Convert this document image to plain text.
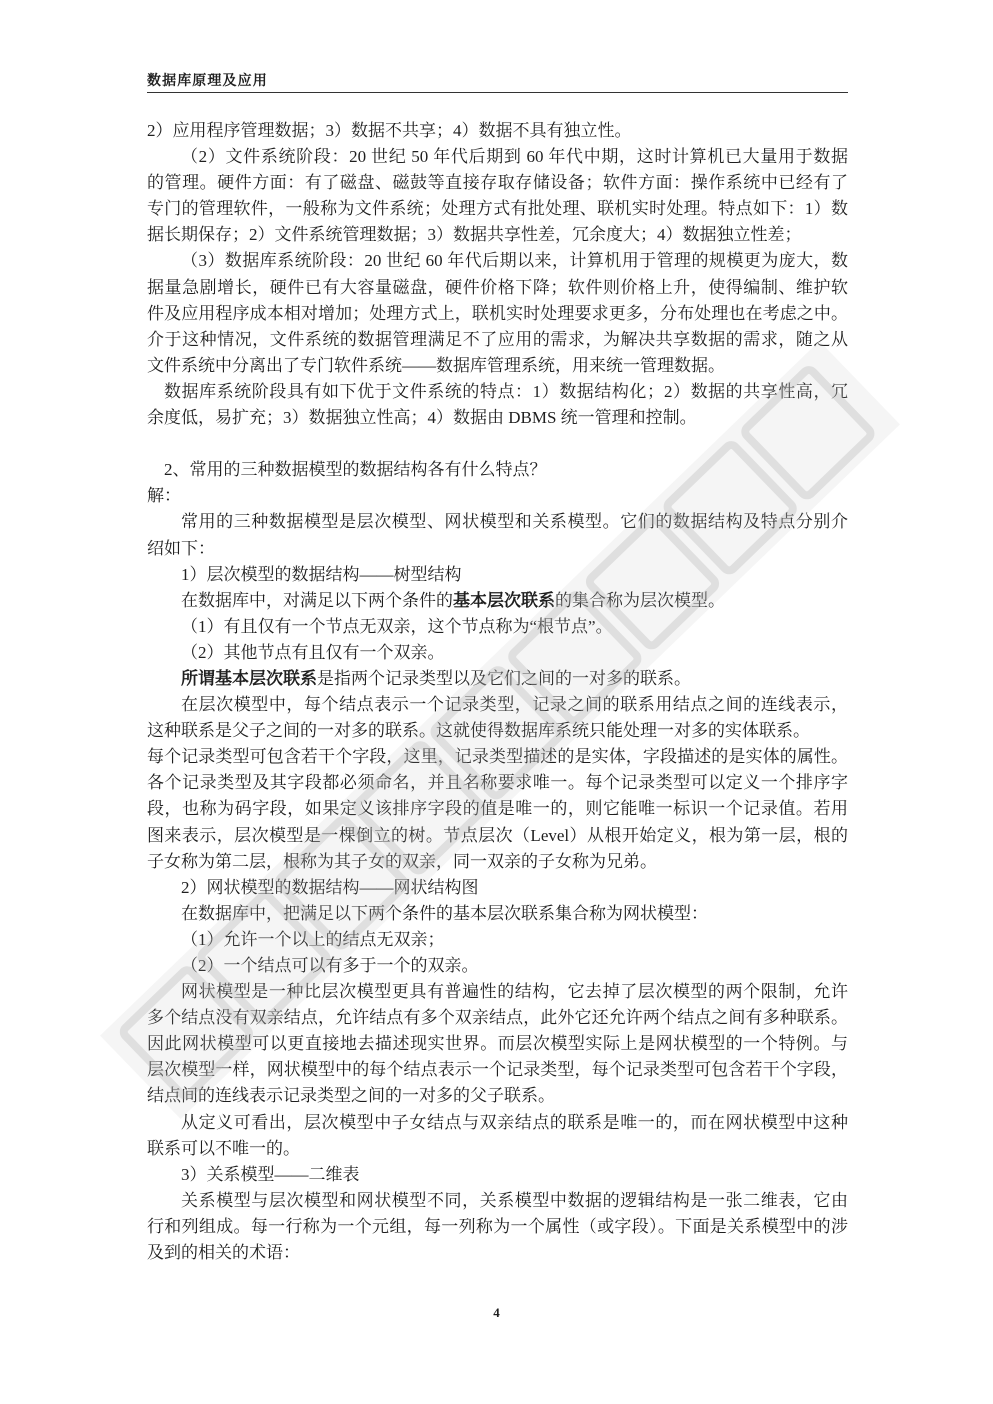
数据库原理及应用
2）应用程序管理数据；3）数据不共享；4）数据不具有独立性。
（2）文件系统阶段：20 世纪 50 年代后期到 60 年代中期，这时计算机已大量用于数据
的管理。硬件方面：有了磁盘、磁鼓等直接存取存储设备；软件方面：操作系统中已经有了
专门的管理软件，一般称为文件系统；处理方式有批处理、联机实时处理。特点如下：1）数
据长期保存；2）文件系统管理数据；3）数据共享性差，冗余度大；4）数据独立性差；
（3）数据库系统阶段：20 世纪 60 年代后期以来，计算机用于管理的规模更为庞大，数
据量急剧增长，硬件已有大容量磁盘，硬件价格下降；软件则价格上升，使得编制、维护软
件及应用程序成本相对增加；处理方式上，联机实时处理要求更多，分布处理也在考虑之中。
介于这种情况，文件系统的数据管理满足不了应用的需求，为解决共享数据的需求，随之从
文件系统中分离出了专门软件系统——数据库管理系统，用来统一管理数据。
数据库系统阶段具有如下优于文件系统的特点：1）数据结构化；2）数据的共享性高，冗
余度低，易扩充；3）数据独立性高；4）数据由 DBMS 统一管理和控制。
2、常用的三种数据模型的数据结构各有什么特点？
解：
常用的三种数据模型是层次模型、网状模型和关系模型。它们的数据结构及特点分别介
绍如下：
1）层次模型的数据结构——树型结构
在数据库中，对满足以下两个条件的基本层次联系的集合称为层次模型。
（1）有且仅有一个节点无双亲，这个节点称为“根节点”。
（2）其他节点有且仅有一个双亲。
所谓基本层次联系是指两个记录类型以及它们之间的一对多的联系。
在层次模型中，每个结点表示一个记录类型，记录之间的联系用结点之间的连线表示，
这种联系是父子之间的一对多的联系。这就使得数据库系统只能处理一对多的实体联系。
每个记录类型可包含若干个字段，这里，记录类型描述的是实体，字段描述的是实体的属性。
各个记录类型及其字段都必须命名，并且名称要求唯一。每个记录类型可以定义一个排序字
段，也称为码字段，如果定义该排序字段的值是唯一的，则它能唯一标识一个记录值。若用
图来表示，层次模型是一棵倒立的树。节点层次（Level）从根开始定义，根为第一层，根的
子女称为第二层，根称为其子女的双亲，同一双亲的子女称为兄弟。
2）网状模型的数据结构——网状结构图
在数据库中，把满足以下两个条件的基本层次联系集合称为网状模型：
（1）允许一个以上的结点无双亲；
（2）一个结点可以有多于一个的双亲。
网状模型是一种比层次模型更具有普遍性的结构，它去掉了层次模型的两个限制，允许
多个结点没有双亲结点，允许结点有多个双亲结点，此外它还允许两个结点之间有多种联系。
因此网状模型可以更直接地去描述现实世界。而层次模型实际上是网状模型的一个特例。与
层次模型一样，网状模型中的每个结点表示一个记录类型，每个记录类型可包含若干个字段，
结点间的连线表示记录类型之间的一对多的父子联系。
从定义可看出，层次模型中子女结点与双亲结点的联系是唯一的，而在网状模型中这种
联系可以不唯一的。
3）关系模型——二维表
关系模型与层次模型和网状模型不同，关系模型中数据的逻辑结构是一张二维表，它由
行和列组成。每一行称为一个元组，每一列称为一个属性（或字段）。下面是关系模型中的涉
及到的相关的术语：
4
